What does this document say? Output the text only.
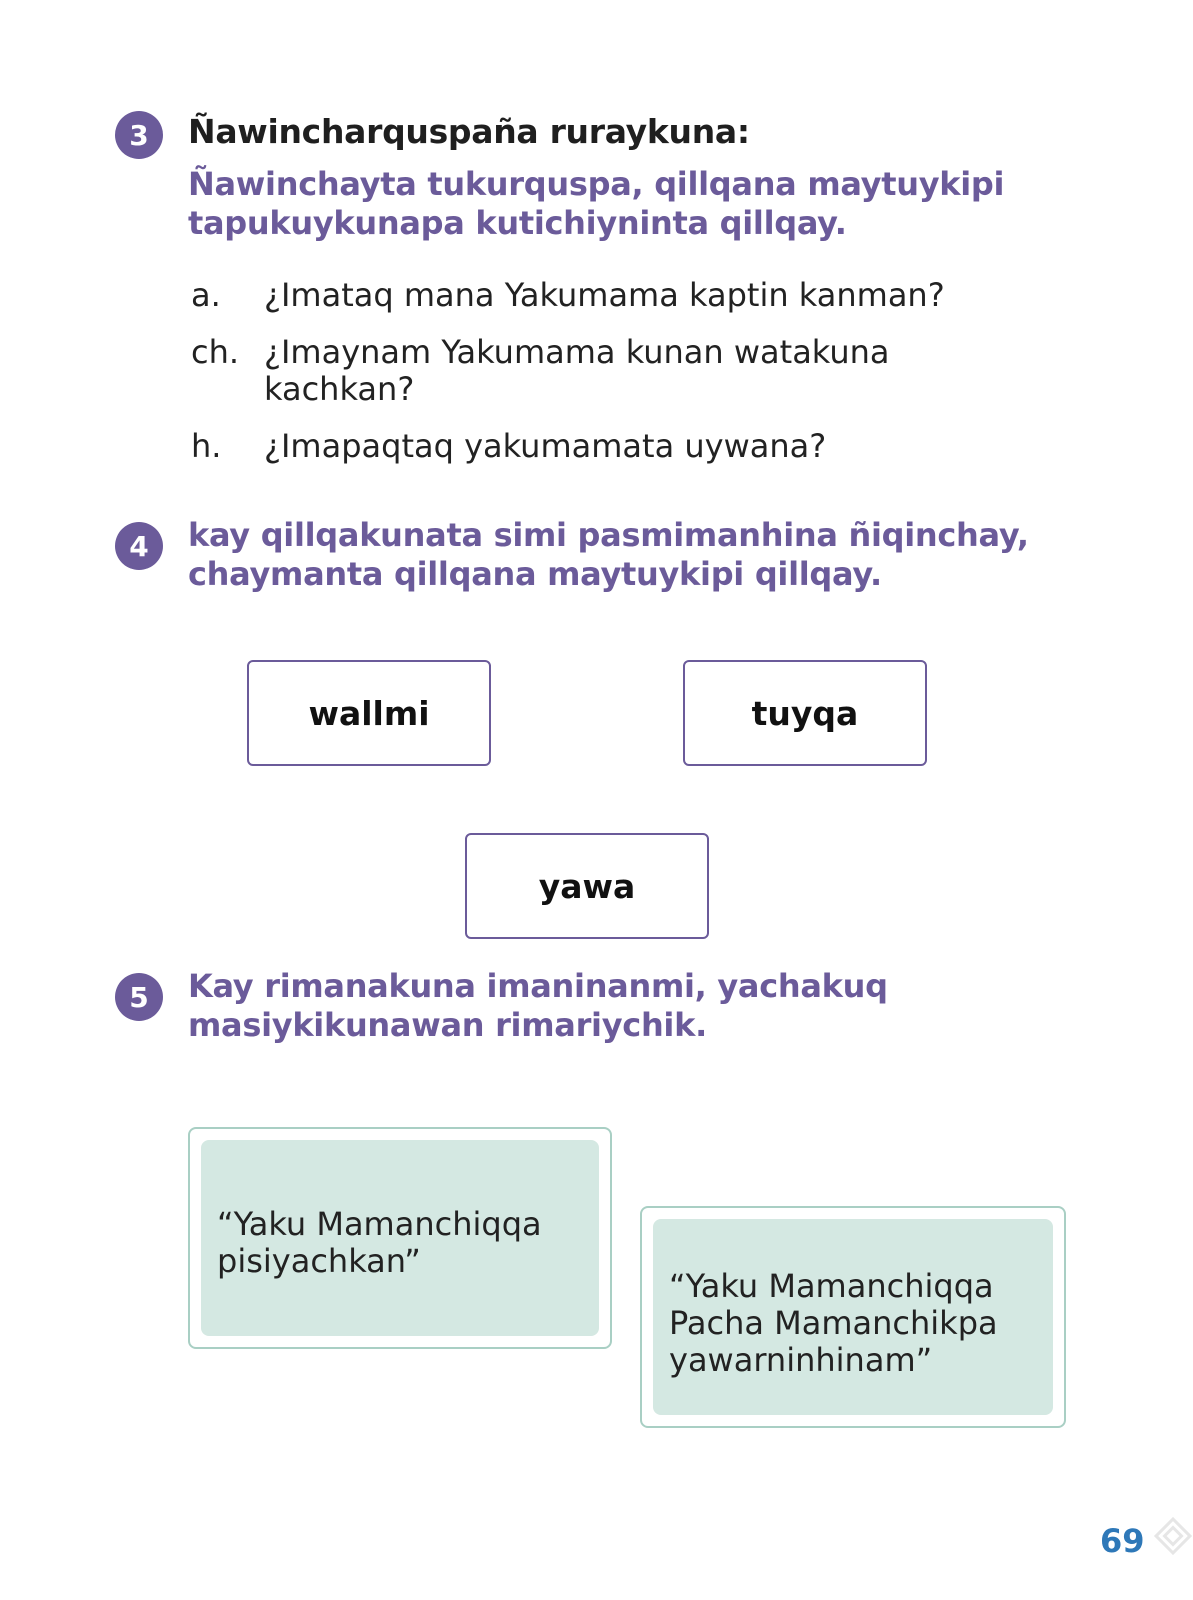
3	Ñawincharquspaña ruraykuna:
Ñawinchayta tukurquspa, qillqana maytuykipi
tapukuykunapa kutichiyninta qillqay.
a.	¿Imataq mana Yakumama kaptin kanman?
ch. ¿Imaynam Yakumama kunan watakuna kachkan?
h.	¿Imapaqtaq yakumamata uywana?
4	kay qillqakunata simi pasmimanhina ñiqinchay,
chaymanta qillqana maytuykipi qillqay.
wallmi	tuyqa
yawa
5	Kay rimanakuna imaninanmi, yachakuq
masiykikunawan rimariychik.
“Yaku Mamanchiqqa
pisiyachkan”
“Yaku Mamanchiqqa
Pacha Mamanchikpa
yawarninhinam”
69
